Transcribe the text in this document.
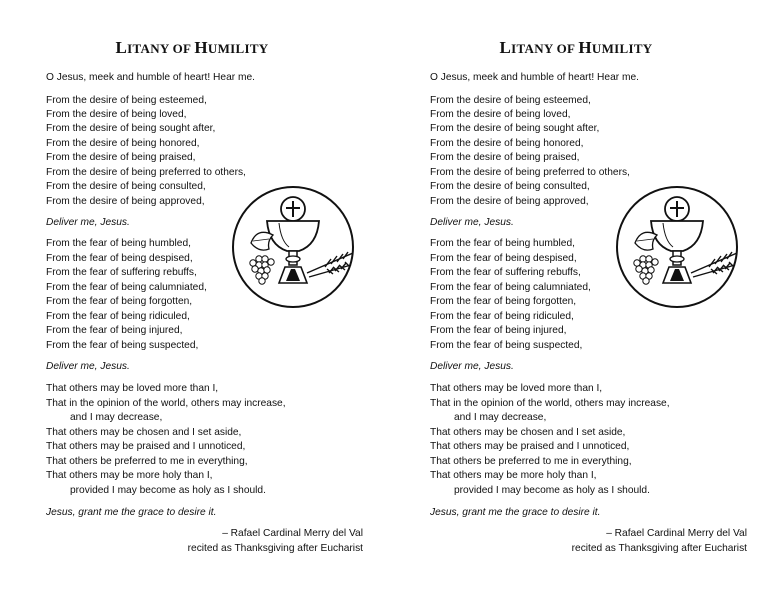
LITANY OF HUMILITY
O Jesus, meek and humble of heart! Hear me.
From the desire of being esteemed,
From the desire of being loved,
From the desire of being sought after,
From the desire of being honored,
From the desire of being praised,
From the desire of being preferred to others,
From the desire of being consulted,
From the desire of being approved,
Deliver me, Jesus.
From the fear of being humbled,
From the fear of being despised,
From the fear of suffering rebuffs,
From the fear of being calumniated,
From the fear of being forgotten,
From the fear of being ridiculed,
From the fear of being injured,
From the fear of being suspected,
Deliver me, Jesus.
That others may be loved more than I,
That in the opinion of the world, others may increase,
and I may decrease,
That others may be chosen and I set aside,
That others may be praised and I unnoticed,
That others be preferred to me in everything,
That others may be more holy than I,
provided I may become as holy as I should.
Jesus, grant me the grace to desire it.
– Rafael Cardinal Merry del Val
recited as Thanksgiving after Eucharist
LITANY OF HUMILITY
O Jesus, meek and humble of heart! Hear me.
From the desire of being esteemed,
From the desire of being loved,
From the desire of being sought after,
From the desire of being honored,
From the desire of being praised,
From the desire of being preferred to others,
From the desire of being consulted,
From the desire of being approved,
Deliver me, Jesus.
From the fear of being humbled,
From the fear of being despised,
From the fear of suffering rebuffs,
From the fear of being calumniated,
From the fear of being forgotten,
From the fear of being ridiculed,
From the fear of being injured,
From the fear of being suspected,
Deliver me, Jesus.
That others may be loved more than I,
That in the opinion of the world, others may increase,
and I may decrease,
That others may be chosen and I set aside,
That others may be praised and I unnoticed,
That others be preferred to me in everything,
That others may be more holy than I,
provided I may become as holy as I should.
Jesus, grant me the grace to desire it.
– Rafael Cardinal Merry del Val
recited as Thanksgiving after Eucharist
